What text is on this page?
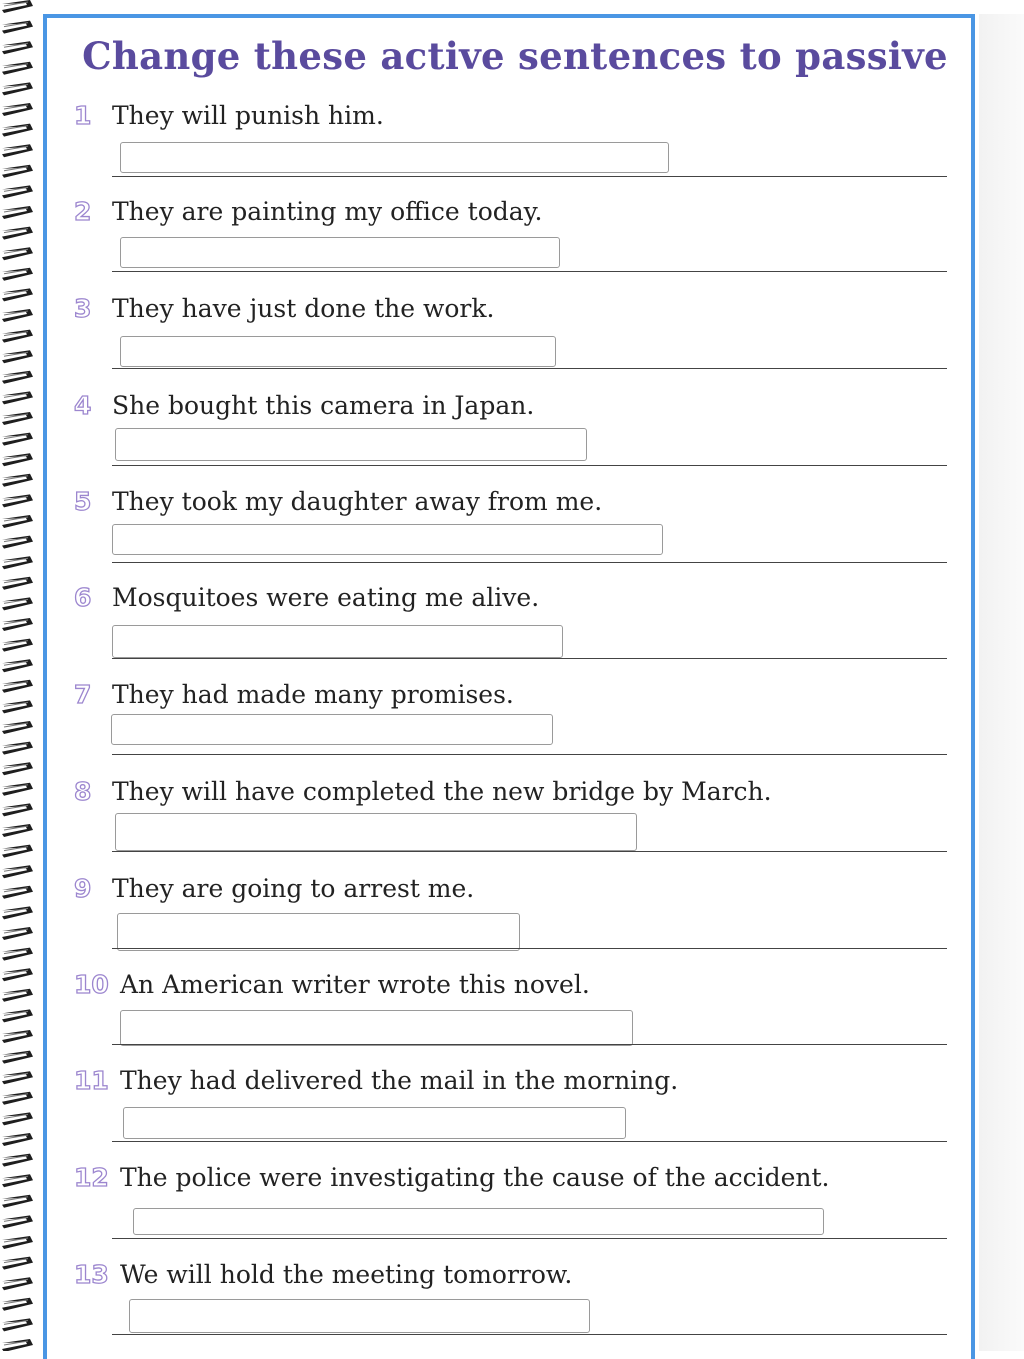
Change these active sentences to passive
1 They will punish him.
2 They are painting my office today.
3 They have just done the work.
4 She bought this camera in Japan.
5 They took my daughter away from me.
6 Mosquitoes were eating me alive.
7 They had made many promises.
8 They will have completed the new bridge by March.
9 They are going to arrest me.
10 An American writer wrote this novel.
11 They had delivered the mail in the morning.
12 The police were investigating the cause of the accident.
13 We will hold the meeting tomorrow.
